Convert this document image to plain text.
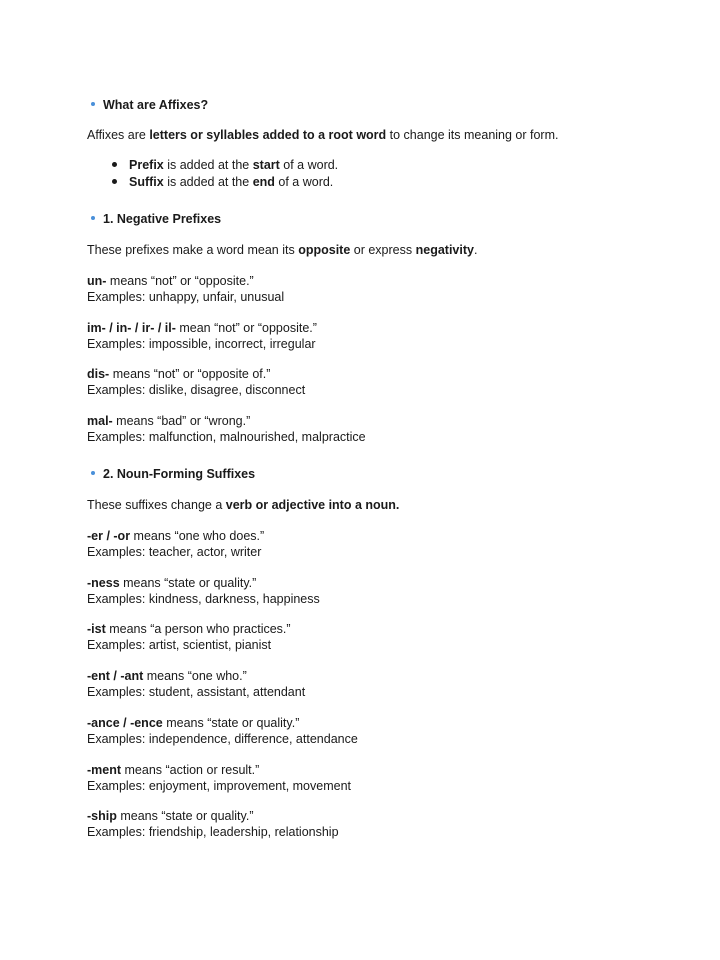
What are Affixes?
Affixes are letters or syllables added to a root word to change its meaning or form.
Prefix is added at the start of a word.
Suffix is added at the end of a word.
1. Negative Prefixes
These prefixes make a word mean its opposite or express negativity.
un- means “not” or “opposite.”
Examples: unhappy, unfair, unusual
im- / in- / ir- / il- mean “not” or “opposite.”
Examples: impossible, incorrect, irregular
dis- means “not” or “opposite of.”
Examples: dislike, disagree, disconnect
mal- means “bad” or “wrong.”
Examples: malfunction, malnourished, malpractice
2. Noun-Forming Suffixes
These suffixes change a verb or adjective into a noun.
-er / -or means “one who does.”
Examples: teacher, actor, writer
-ness means “state or quality.”
Examples: kindness, darkness, happiness
-ist means “a person who practices.”
Examples: artist, scientist, pianist
-ent / -ant means “one who.”
Examples: student, assistant, attendant
-ance / -ence means “state or quality.”
Examples: independence, difference, attendance
-ment means “action or result.”
Examples: enjoyment, improvement, movement
-ship means “state or quality.”
Examples: friendship, leadership, relationship
